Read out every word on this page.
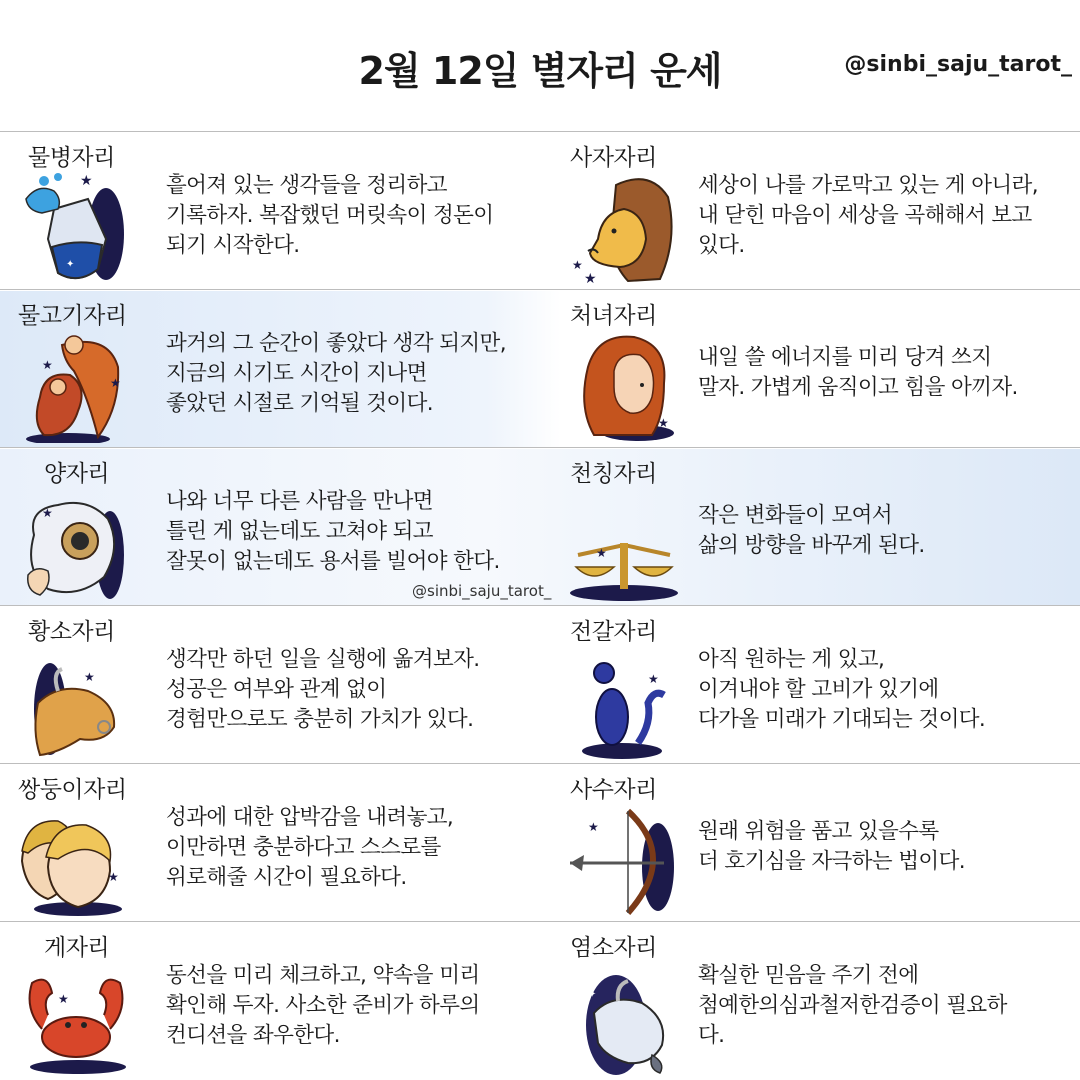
2월 12일 별자리 운세	@sinbi_saju_tarot_
물병자리
★
✦
흩어져 있는 생각들을 정리하고
기록하자. 복잡했던 머릿속이 정돈이
되기 시작한다.
사자자리
★
★
세상이 나를 가로막고 있는 게 아니라,
내 닫힌 마음이 세상을 곡해해서 보고
있다.
물고기자리
★
★
과거의 그 순간이 좋았다 생각 되지만,
지금의 시기도 시간이 지나면
좋았던 시절로 기억될 것이다.
처녀자리
★
내일 쓸 에너지를 미리 당겨 쓰지
말자. 가볍게 움직이고 힘을 아끼자.
양자리
★	나와 너무 다른 사람을 만나면
틀린 게 없는데도 고쳐야 되고
잘못이 없는데도 용서를 빌어야 한다.
천칭자리
★
작은 변화들이 모여서
삶의 방향을 바꾸게 된다.
@sinbi_saju_tarot_
황소자리
★
생각만 하던 일을 실행에 옮겨보자.
성공은 여부와 관계 없이
경험만으로도 충분히 가치가 있다.
전갈자리
★
아직 원하는 게 있고,
이겨내야 할 고비가 있기에
다가올 미래가 기대되는 것이다.
쌍둥이자리
★
성과에 대한 압박감을 내려놓고,
이만하면 충분하다고 스스로를
위로해줄 시간이 필요하다.
사수자리
★	원래 위험을 품고 있을수록
더 호기심을 자극하는 법이다.
게자리
★
동선을 미리 체크하고, 약속을 미리
확인해 두자. 사소한 준비가 하루의
컨디션을 좌우한다.
염소자리
✦
확실한 믿음을 주기 전에
첨예한의심과철저한검증이 필요하
다.
